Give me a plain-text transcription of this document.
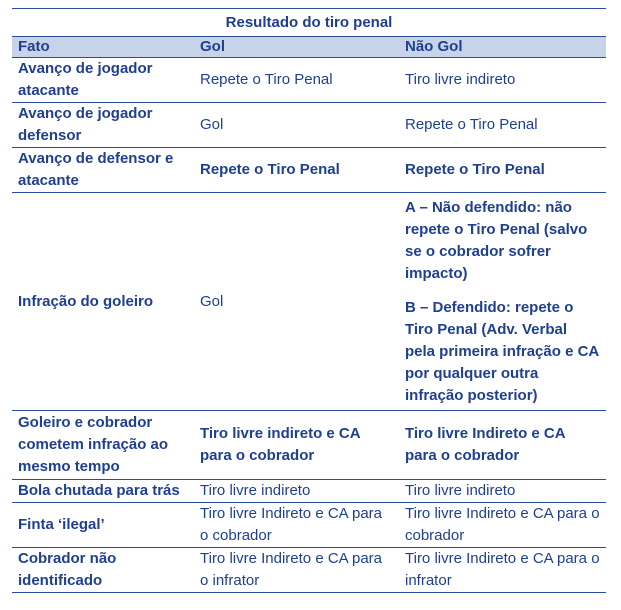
Resultado do tiro penal		
Fato	Gol	Não Gol
Avanço de jogador atacante	Repete o Tiro Penal	Tiro livre indireto
Avanço de jogador defensor	Gol	Repete o Tiro Penal
Avanço de defensor e atacante	Repete o Tiro Penal	Repete o Tiro Penal
Infração do goleiro	Gol	A – Não defendido: não repete o Tiro Penal (salvo se o cobrador sofrer impacto)
B – Defendido: repete o Tiro Penal (Adv. Verbal pela primeira infração e CA por qualquer outra infração posterior)

Goleiro e cobrador cometem infração ao mesmo tempo	Tiro livre indireto e CA para o cobrador	Tiro livre Indireto e CA para o cobrador
Bola chutada para trás	Tiro livre indireto	Tiro livre indireto
Finta ‘ilegal’	Tiro livre Indireto e CA para o cobrador	Tiro livre Indireto e CA para o cobrador
Cobrador não identificado	Tiro livre Indireto e CA para o infrator	Tiro livre Indireto e CA para o infrator
